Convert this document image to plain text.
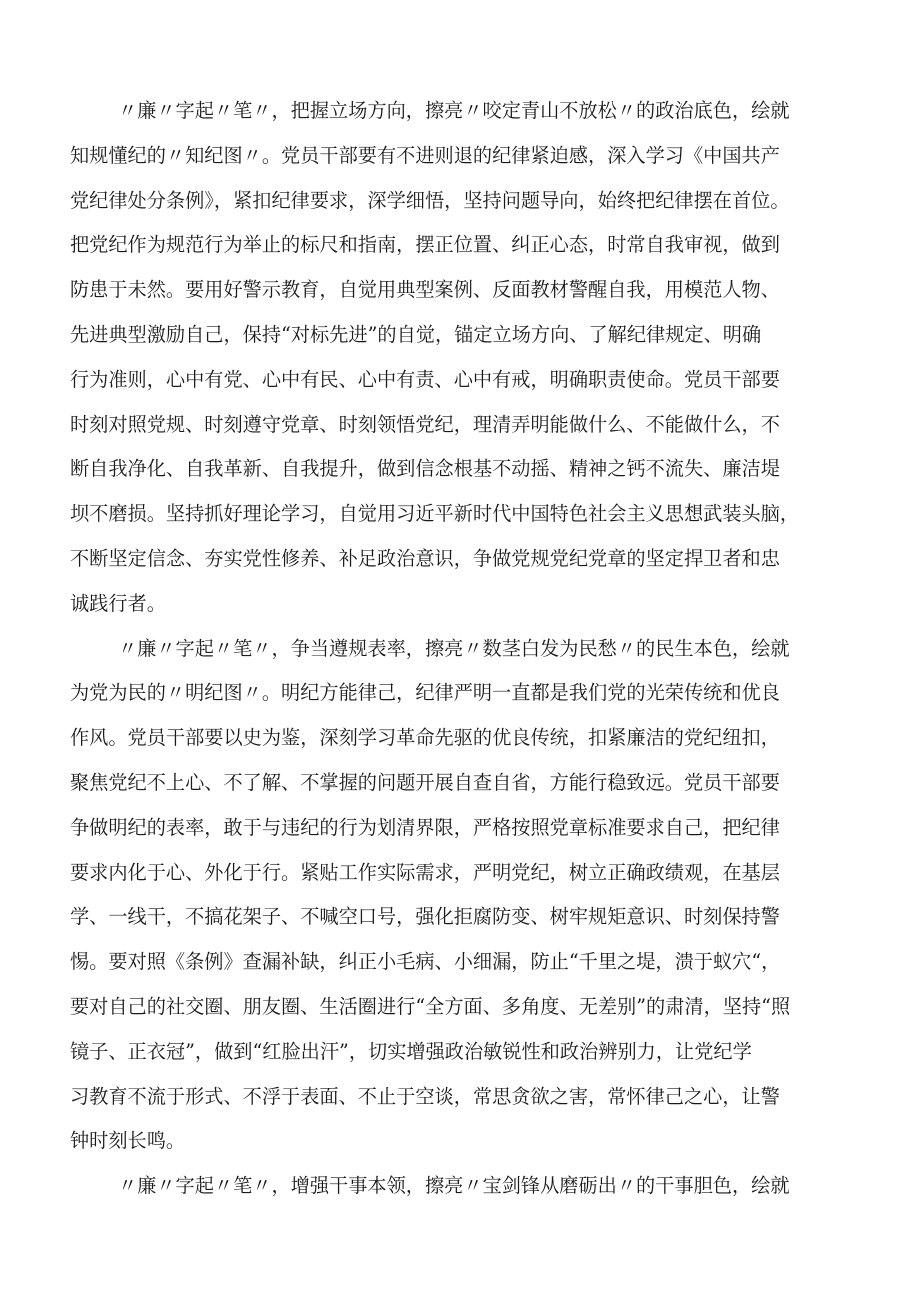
〃廉〃字起〃笔〃，把握立场方向，擦亮〃咬定青山不放松〃的政治底色，绘就
知规懂纪的〃知纪图〃。党员干部要有不进则退的纪律紧迫感，深入学习《中国共产
党纪律处分条例》，紧扣纪律要求，深学细悟，坚持问题导向，始终把纪律摆在首位。
把党纪作为规范行为举止的标尺和指南，摆正位置、纠正心态，时常自我审视，做到
防患于未然。要用好警示教育，自觉用典型案例、反面教材警醒自我，用模范人物、
先进典型激励自己，保持“对标先进”的自觉，锚定立场方向、了解纪律规定、明确
行为准则，心中有党、心中有民、心中有责、心中有戒，明确职责使命。党员干部要
时刻对照党规、时刻遵守党章、时刻领悟党纪，理清弄明能做什么、不能做什么，不
断自我净化、自我革新、自我提升，做到信念根基不动摇、精神之钙不流失、廉洁堤
坝不磨损。坚持抓好理论学习，自觉用习近平新时代中国特色社会主义思想武装头脑，
不断坚定信念、夯实党性修养、补足政治意识，争做党规党纪党章的坚定捍卫者和忠
诚践行者。
〃廉〃字起〃笔〃，争当遵规表率，擦亮〃数茎白发为民愁〃的民生本色，绘就
为党为民的〃明纪图〃。明纪方能律己，纪律严明一直都是我们党的光荣传统和优良
作风。党员干部要以史为鉴，深刻学习革命先驱的优良传统，扣紧廉洁的党纪纽扣，
聚焦党纪不上心、不了解、不掌握的问题开展自查自省，方能行稳致远。党员干部要
争做明纪的表率，敢于与违纪的行为划清界限，严格按照党章标准要求自己，把纪律
要求内化于心、外化于行。紧贴工作实际需求，严明党纪，树立正确政绩观，在基层
学、一线干，不搞花架子、不喊空口号，强化拒腐防变、树牢规矩意识、时刻保持警
惕。要对照《条例》查漏补缺，纠正小毛病、小细漏，防止“千里之堤，溃于蚁穴“，
要对自己的社交圈、朋友圈、生活圈进行“全方面、多角度、无差别”的肃清，坚持“照
镜子、正衣冠”，做到“红脸出汗”，切实增强政治敏锐性和政治辨别力，让党纪学
习教育不流于形式、不浮于表面、不止于空谈，常思贪欲之害，常怀律己之心，让警
钟时刻长鸣。
〃廉〃字起〃笔〃，增强干事本领，擦亮〃宝剑锋从磨砺出〃的干事胆色，绘就
